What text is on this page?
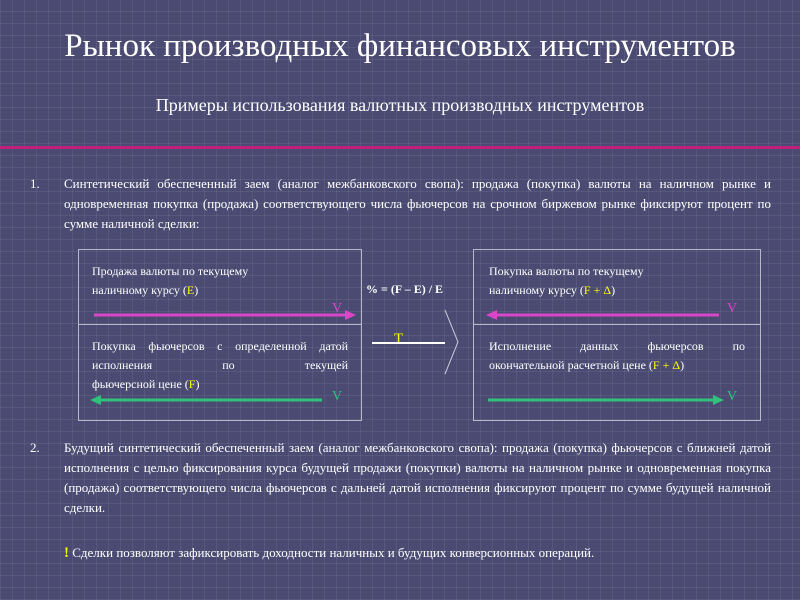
Рынок производных финансовых инструментов
Примеры использования валютных производных инструментов
1. Синтетический обеспеченный заем (аналог межбанковского свопа): продажа (покупка) валюты на наличном рынке и одновременная покупка (продажа) соответствующего числа фьючерсов на срочном биржевом рынке фиксируют процент по сумме наличной сделки:
Продажа валюты по текущему
наличному курсу (E)
V
Покупка фьючерсов с определенной датой исполнения по текущей
фьючерсной цене (F)
V
Покупка валюты по текущему
наличному курсу (F + Δ)
V
Исполнение данных фьючерсов по
окончательной расчетной цене (F + Δ)
V
% = (F – E) / E
T
2. Будущий синтетический обеспеченный заем (аналог межбанковского свопа): продажа (покупка) фьючерсов с ближней датой исполнения с целью фиксирования курса будущей продажи (покупки) валюты на наличном рынке и одновременная покупка (продажа) соответствующего числа фьючерсов с дальней датой исполнения фиксируют процент по сумме будущей наличной сделки.
! Сделки позволяют зафиксировать доходности наличных и будущих конверсионных операций.
